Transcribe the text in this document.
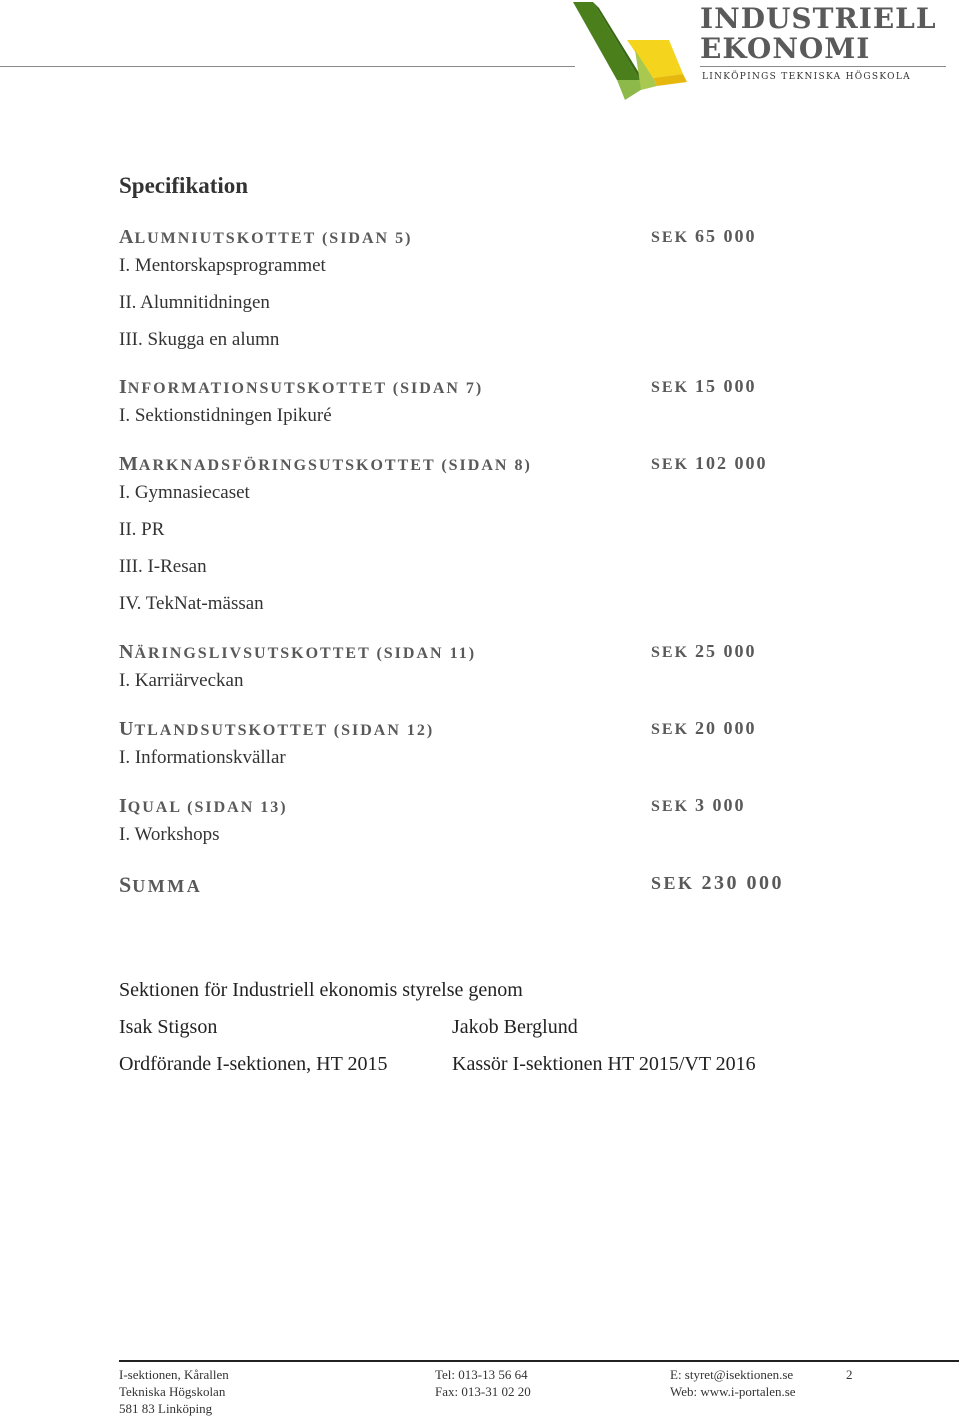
INDUSTRIELL
EKONOMI
LINKÖPINGS TEKNISKA HÖGSKOLA
Specifikation
ALUMNIUTSKOTTET (SIDAN 5)	SEK 65 000
I. Mentorskapsprogrammet
II. Alumnitidningen
III. Skugga en alumn
INFORMATIONSUTSKOTTET (SIDAN 7)	SEK 15 000
I. Sektionstidningen Ipikuré
MARKNADSFÖRINGSUTSKOTTET (SIDAN 8)	SEK 102 000
I. Gymnasiecaset
II. PR
III. I-Resan
IV. TekNat-mässan
NÄRINGSLIVSUTSKOTTET (SIDAN 11)	SEK 25 000
I. Karriärveckan
UTLANDSUTSKOTTET (SIDAN 12)	SEK 20 000
I. Informationskvällar
IQUAL (SIDAN 13)	SEK 3 000
I. Workshops
SUMMA	SEK 230 000
Sektionen för Industriell ekonomis styrelse genom
Isak Stigson	Jakob Berglund
Ordförande I-sektionen, HT 2015	Kassör I-sektionen HT 2015/VT 2016
I-sektionen, Kårallen
Tekniska Högskolan
581 83 Linköping
Tel: 013-13 56 64
Fax: 013-31 02 20
E: styret@isektionen.se
Web: www.i-portalen.se
2
